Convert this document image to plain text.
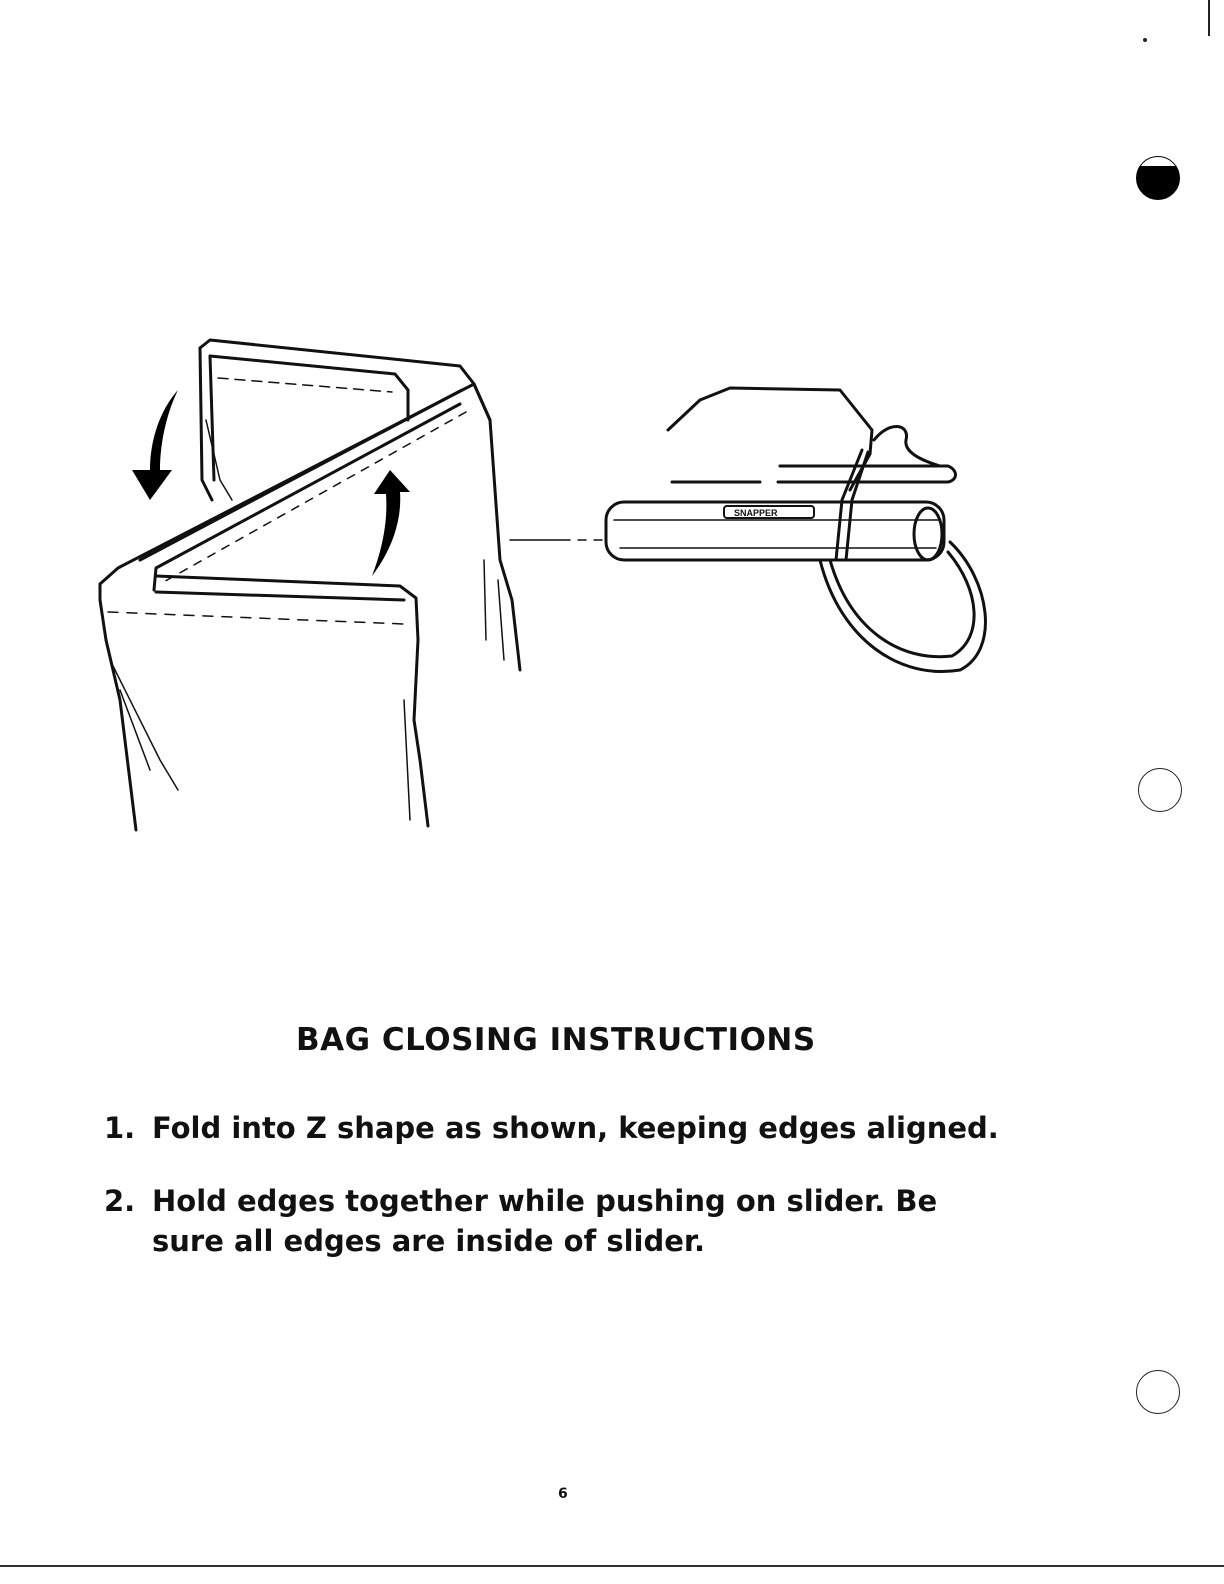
SNAPPER
BAG CLOSING INSTRUCTIONS
1. Fold into Z shape as shown, keeping edges aligned.
2. Hold edges together while pushing on slider. Be sure all edges are inside of slider.
6
